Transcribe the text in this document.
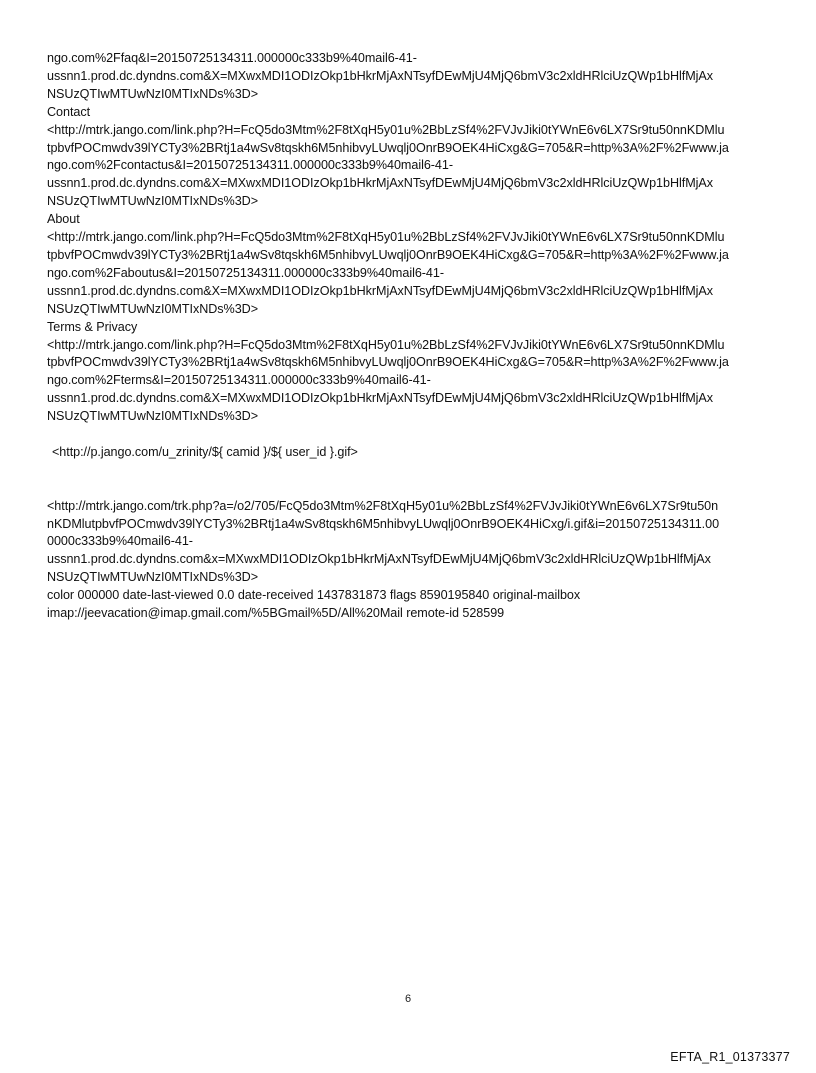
ngo.com%2Ffaq&I=20150725134311.000000c333b9%40mail6-41-
ussnn1.prod.dc.dyndns.com&X=MXwxMDI1ODIzOkp1bHkrMjAxNTsyfDEwMjU4MjQ6bmV3c2xldHRlciUzQWp1bHlfMjAx
NSUzQTIwMTUwNzI0MTIxNDs%3D>
Contact
<http://mtrk.jango.com/link.php?H=FcQ5do3Mtm%2F8tXqH5y01u%2BbLzSf4%2FVJvJiki0tYWnE6v6LX7Sr9tu50nnKDMlu
tpbvfPOCmwdv39lYCTy3%2BRtj1a4wSv8tqskh6M5nhibvyLUwqlj0OnrB9OEK4HiCxg&G=705&R=http%3A%2F%2Fwww.ja
ngo.com%2Fcontactus&I=20150725134311.000000c333b9%40mail6-41-
ussnn1.prod.dc.dyndns.com&X=MXwxMDI1ODIzOkp1bHkrMjAxNTsyfDEwMjU4MjQ6bmV3c2xldHRlciUzQWp1bHlfMjAx
NSUzQTIwMTUwNzI0MTIxNDs%3D>
About
<http://mtrk.jango.com/link.php?H=FcQ5do3Mtm%2F8tXqH5y01u%2BbLzSf4%2FVJvJiki0tYWnE6v6LX7Sr9tu50nnKDMlu
tpbvfPOCmwdv39lYCTy3%2BRtj1a4wSv8tqskh6M5nhibvyLUwqlj0OnrB9OEK4HiCxg&G=705&R=http%3A%2F%2Fwww.ja
ngo.com%2Faboutus&I=20150725134311.000000c333b9%40mail6-41-
ussnn1.prod.dc.dyndns.com&X=MXwxMDI1ODIzOkp1bHkrMjAxNTsyfDEwMjU4MjQ6bmV3c2xldHRlciUzQWp1bHlfMjAx
NSUzQTIwMTUwNzI0MTIxNDs%3D>
Terms & Privacy
<http://mtrk.jango.com/link.php?H=FcQ5do3Mtm%2F8tXqH5y01u%2BbLzSf4%2FVJvJiki0tYWnE6v6LX7Sr9tu50nnKDMlu
tpbvfPOCmwdv39lYCTy3%2BRtj1a4wSv8tqskh6M5nhibvyLUwqlj0OnrB9OEK4HiCxg&G=705&R=http%3A%2F%2Fwww.ja
ngo.com%2Fterms&I=20150725134311.000000c333b9%40mail6-41-
ussnn1.prod.dc.dyndns.com&X=MXwxMDI1ODIzOkp1bHkrMjAxNTsyfDEwMjU4MjQ6bmV3c2xldHRlciUzQWp1bHlfMjAx
NSUzQTIwMTUwNzI0MTIxNDs%3D>
<http://p.jango.com/u_zrinity/${ camid }/${ user_id }.gif>
<http://mtrk.jango.com/trk.php?a=/o2/705/FcQ5do3Mtm%2F8tXqH5y01u%2BbLzSf4%2FVJvJiki0tYWnE6v6LX7Sr9tu50n
nKDMlutpbvfPOCmwdv39lYCTy3%2BRtj1a4wSv8tqskh6M5nhibvyLUwqlj0OnrB9OEK4HiCxg/i.gif&i=20150725134311.00
0000c333b9%40mail6-41-
ussnn1.prod.dc.dyndns.com&x=MXwxMDI1ODIzOkp1bHkrMjAxNTsyfDEwMjU4MjQ6bmV3c2xldHRlciUzQWp1bHlfMjAx
NSUzQTIwMTUwNzI0MTIxNDs%3D>
color 000000 date-last-viewed 0.0 date-received 1437831873 flags 8590195840 original-mailbox
imap://jeevacation@imap.gmail.com/%5BGmail%5D/All%20Mail remote-id 528599
6
EFTA_R1_01373377
